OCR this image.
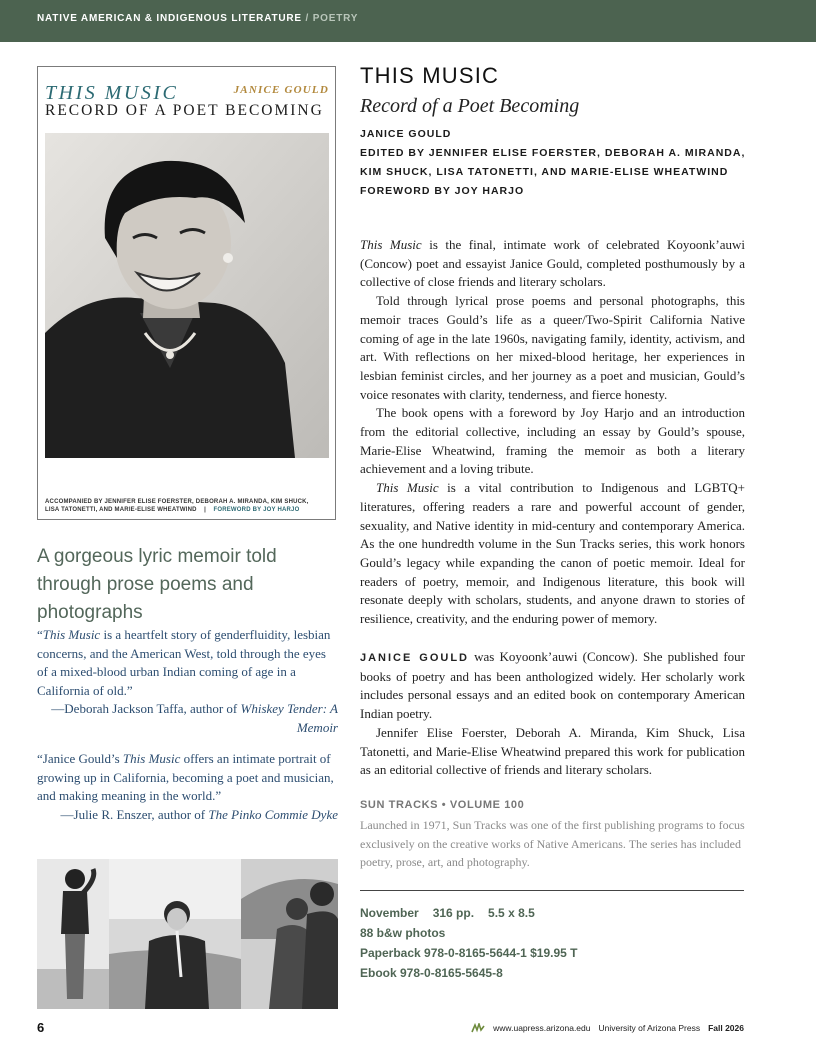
NATIVE AMERICAN & INDIGENOUS LITERATURE / POETRY
THIS MUSIC	JANICE GOULD
RECORD OF A POET BECOMING
ACCOMPANIED BY JENNIFER ELISE FOERSTER, DEBORAH A. MIRANDA, KIM SHUCK,
LISA TATONETTI, AND MARIE-ELISE WHEATWIND | FOREWORD BY JOY HARJO
A gorgeous lyric memoir told through prose poems and photographs
“This Music is a heartfelt story of genderfluidity, lesbian concerns, and the American West, told through the eyes of a mixed-blood urban Indian coming of age in a California of old.”
—Deborah Jackson Taffa, author of Whiskey Tender: A Memoir
“Janice Gould’s This Music offers an intimate portrait of growing up in California, becoming a poet and musician, and making meaning in the world.”
—Julie R. Enszer, author of The Pinko Commie Dyke
THIS MUSIC
Record of a Poet Becoming
JANICE GOULD
EDITED BY JENNIFER ELISE FOERSTER, DEBORAH A. MIRANDA,
KIM SHUCK, LISA TATONETTI, AND MARIE-ELISE WHEATWIND
FOREWORD BY JOY HARJO

This Music is the final, intimate work of celebrated Koyoonk’auwi (Concow) poet and essayist Janice Gould, completed posthumously by a collective of close friends and literary scholars.

Told through lyrical prose poems and personal photographs, this memoir traces Gould’s life as a queer/Two-Spirit California Native coming of age in the late 1960s, navigating family, identity, activism, and art. With reflections on her mixed-blood heritage, her experiences in lesbian feminist circles, and her journey as a poet and musician, Gould’s voice resonates with clarity, tenderness, and fierce honesty.

The book opens with a foreword by Joy Harjo and an introduction from the editorial collective, including an essay by Gould’s spouse, Marie-Elise Wheatwind, framing the memoir as both a literary achievement and a loving tribute.

This Music is a vital contribution to Indigenous and LGBTQ+ literatures, offering readers a rare and powerful account of gender, sexuality, and Native identity in mid-century and contemporary America. As the one hundredth volume in the Sun Tracks series, this work honors Gould’s legacy while expanding the canon of poetic memoir. Ideal for readers of poetry, memoir, and Indigenous literature, this book will resonate deeply with scholars, students, and anyone drawn to stories of resilience, creativity, and the enduring power of memory.

JANICE GOULD was Koyoonk’auwi (Concow). She published four books of poetry and has been anthologized widely. Her scholarly work includes personal essays and an edited book on contemporary American Indian poetry.

Jennifer Elise Foerster, Deborah A. Miranda, Kim Shuck, Lisa Tatonetti, and Marie-Elise Wheatwind prepared this work for publication as an editorial collective of friends and literary scholars.

SUN TRACKS • VOLUME 100
Launched in 1971, Sun Tracks was one of the first publishing programs to focus exclusively on the creative works of Native Americans. The series has included poetry, prose, art, and photography.
November 316 pp. 5.5 x 8.5
88 b&w photos
Paperback 978-0-8165-5644-1 $19.95 T
Ebook 978-0-8165-5645-8
6	www.uapress.arizona.edu University of Arizona Press Fall 2026
